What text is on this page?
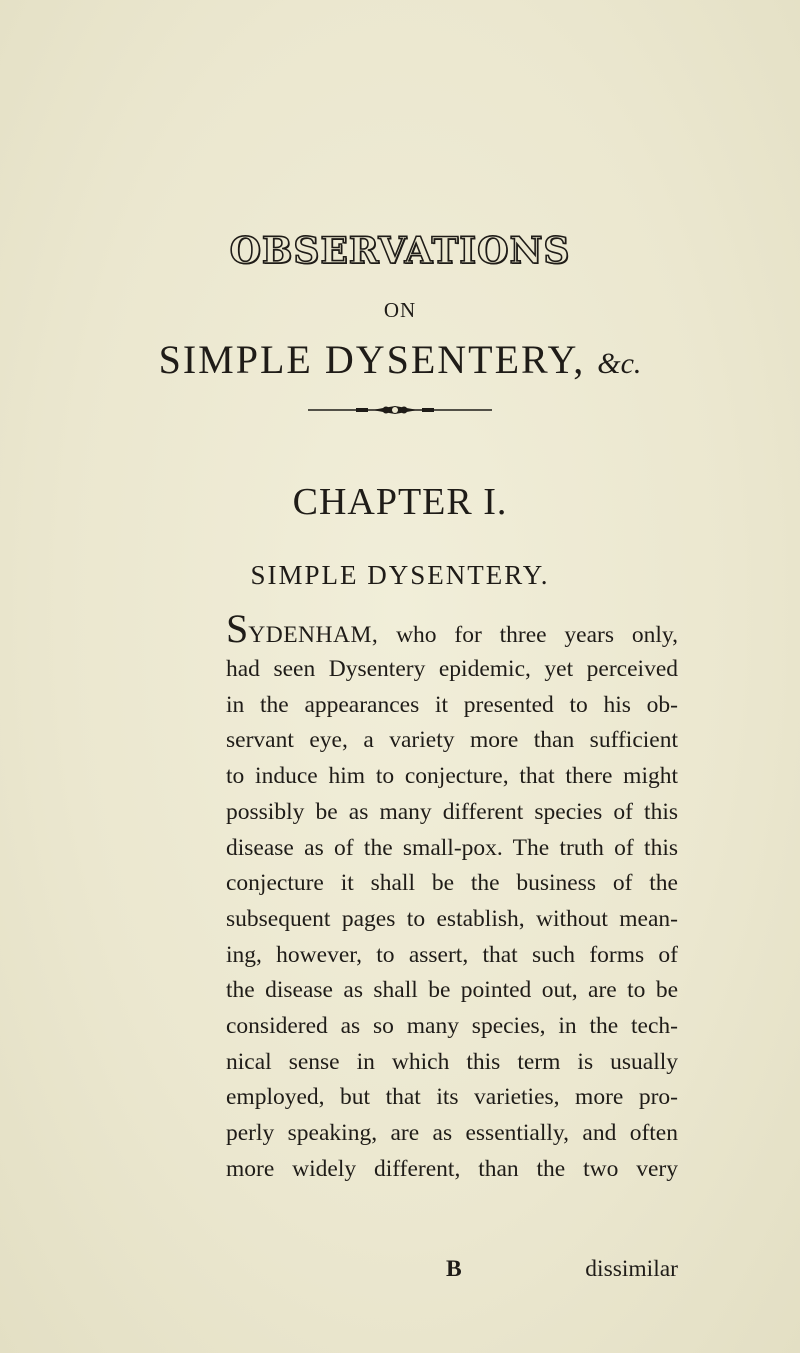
OBSERVATIONS
ON
SIMPLE DYSENTERY, &c.
CHAPTER I.
SIMPLE DYSENTERY.
SYDENHAM, who for three years only,
had seen Dysentery epidemic, yet perceived
in the appearances it presented to his ob-
servant eye, a variety more than sufficient
to induce him to conjecture, that there might
possibly be as many different species of this
disease as of the small-pox. The truth of this
conjecture it shall be the business of the
subsequent pages to establish, without mean-
ing, however, to assert, that such forms of
the disease as shall be pointed out, are to be
considered as so many species, in the tech-
nical sense in which this term is usually
employed, but that its varieties, more pro-
perly speaking, are as essentially, and often
more widely different, than the two very
B	dissimilar
